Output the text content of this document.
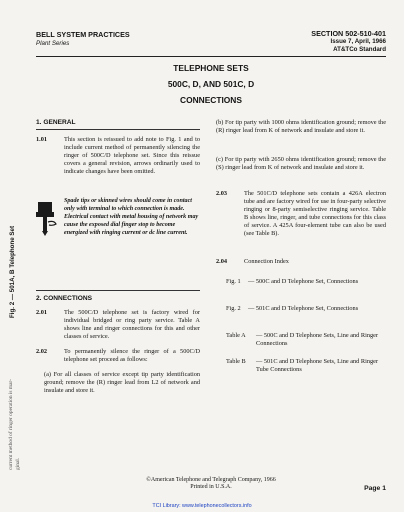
BELL SYSTEM PRACTICES
Plant Series
SECTION 502-510-401
Issue 7, April, 1966
AT&TCo Standard
TELEPHONE SETS
500C, D, AND 501C, D
CONNECTIONS
1. GENERAL
1.01	This section is reissued to add note to Fig. 1 and to include current method of permanently silencing the ringer of 500C/D telephone set. Since this reissue covers a general revision, arrows ordinarily used to indicate changes have been omitted.
Spade tips or skinned wires should come in contact only with terminal to which connection is made. Electrical contact with metal housing of network may cause the exposed dial finger stop to become energized with ringing current or dc line current.
2. CONNECTIONS
2.01	The 500C/D telephone set is factory wired for individual bridged or ring party service. Table A shows line and ringer connections for this and other classes of service.
2.02	To permanently silence the ringer of a 500C/D telephone set proceed as follows:
(a) For all classes of service except tip party identification ground; remove the (R) ringer lead from L2 of network and insulate and store it.
(b) For tip party with 1000 ohms identification ground; remove the (R) ringer lead from K of network and insulate and store it.
(c) For tip party with 2650 ohms identification ground; remove the (S) ringer lead from K of network and insulate and store it.
2.03	The 501C/D telephone sets contain a 426A electron tube and are factory wired for use in four-party selective ringing or 8-party semiselective ringing service. Table B shows line, ringer, and tube connections for this class of service. A 425A four-element tube can also be used (see Table B).
2.04	Connection Index
Fig. 1 — 500C and D Telephone Set, Connections
Fig. 2 — 501C and D Telephone Set, Connections
Table A — 500C and D Telephone Sets, Line and Ringer Connections
Table B — 501C and D Telephone Sets, Line and Ringer Tube Connections
Fig. 2 — 501A, B Telephone Set
current method of ringer operation is mar- ginal.
©American Telephone and Telegraph Company, 1966
Printed in U.S.A.	Page 1
TCI Library: www.telephonecollectors.info
